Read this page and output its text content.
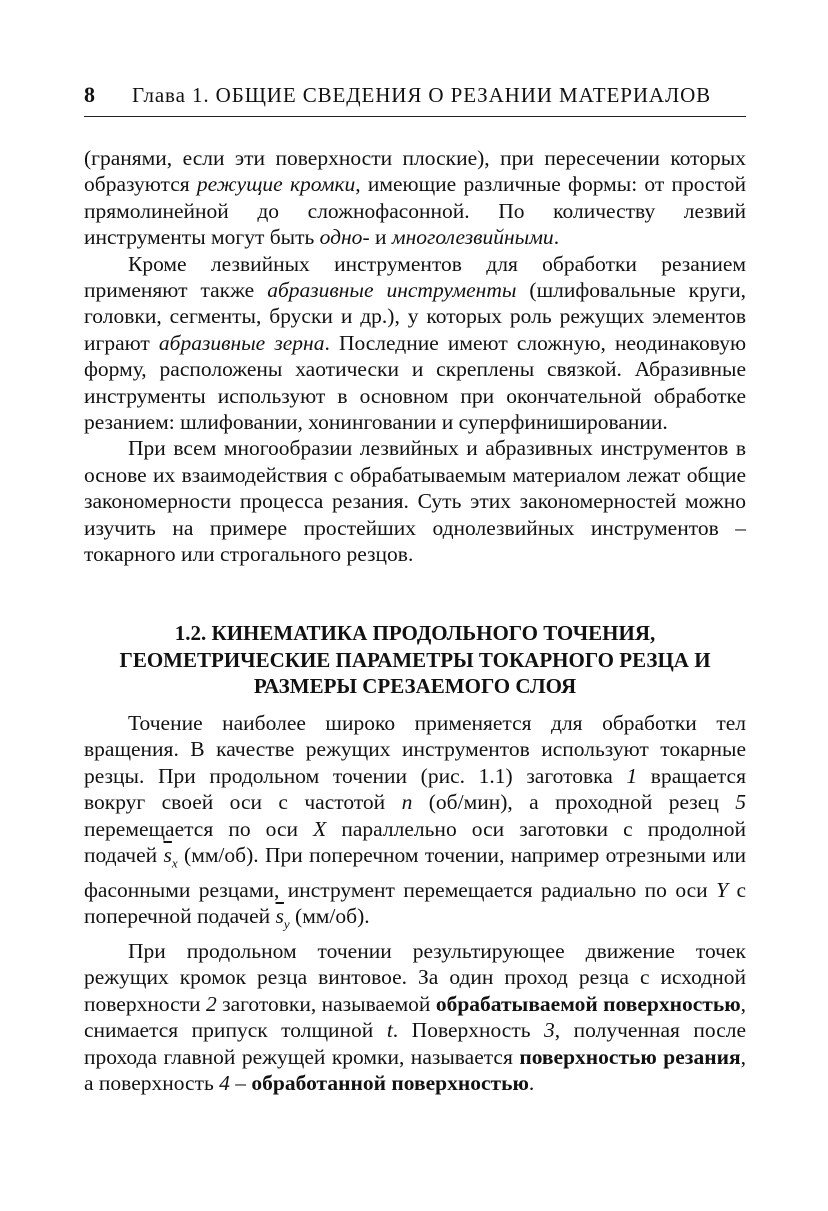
8 Глава 1. ОБЩИЕ СВЕДЕНИЯ О РЕЗАНИИ МАТЕРИАЛОВ

(гранями, если эти поверхности плоские), при пересечении которых образуются режущие кромки, имеющие различные формы: от простой прямолинейной до сложнофасонной. По количеству лезвий инструменты могут быть одно- и многолезвийными.

Кроме лезвийных инструментов для обработки резанием применяют также абразивные инструменты (шлифовальные круги, головки, сегменты, бруски и др.), у которых роль режущих элементов играют абразивные зерна. Последние имеют сложную, неодинаковую форму, расположены хаотически и скреплены связкой. Абразивные инструменты используют в основном при окончательной обработке резанием: шлифовании, хонинговании и суперфинишировании.

При всем многообразии лезвийных и абразивных инструментов в основе их взаимодействия с обрабатываемым материалом лежат общие закономерности процесса резания. Суть этих закономерностей можно изучить на примере простейших однолезвийных инструментов – токарного или строгального резцов.

1.2. КИНЕМАТИКА ПРОДОЛЬНОГО ТОЧЕНИЯ,
ГЕОМЕТРИЧЕСКИЕ ПАРАМЕТРЫ ТОКАРНОГО РЕЗЦА И
РАЗМЕРЫ СРЕЗАЕМОГО СЛОЯ

Точение наиболее широко применяется для обработки тел вращения. В качестве режущих инструментов используют токарные резцы. При продольном точении (рис. 1.1) заготовка 1 вращается вокруг своей оси с частотой n (об/мин), а проходной резец 5 перемещается по оси X параллельно оси заготовки с продолной подачей $\overline{s}_x$ (мм/об). При поперечном точении, например отрезными или фасонными резцами, инструмент перемещается радиально по оси Y с поперечной подачей $\overline{s}_y$ (мм/об).

При продольном точении результирующее движение точек режущих кромок резца винтовое. За один проход резца с исходной поверхности 2 заготовки, называемой обрабатываемой поверхностью, снимается припуск толщиной t. Поверхность 3, полученная после прохода главной режущей кромки, называется поверхностью резания, а поверхность 4 – обработанной поверхностью.
